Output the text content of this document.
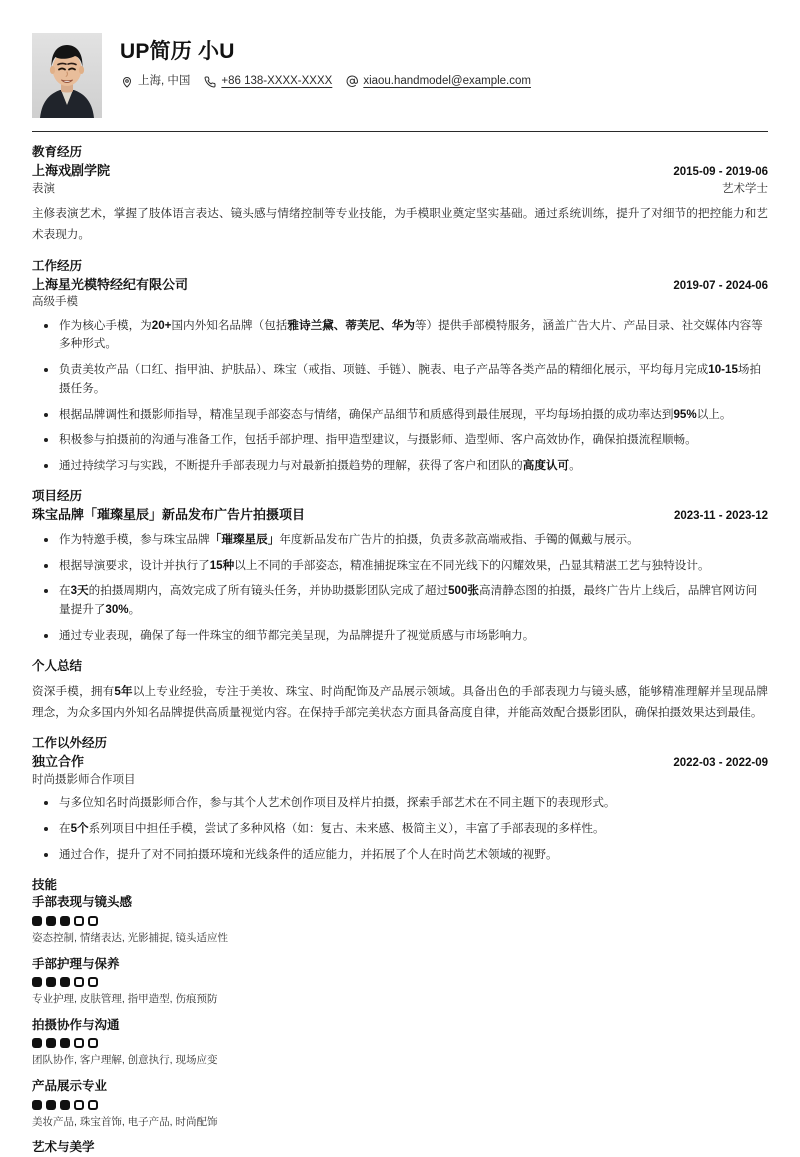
UP简历 小U
上海, 中国	+86 138-XXXX-XXXX	xiaou.handmodel@example.com
教育经历
上海戏剧学院	2015-09 - 2019-06
表演	艺术学士

主修表演艺术，掌握了肢体语言表达、镜头感与情绪控制等专业技能，为手模职业奠定坚实基础。通过系统训练，提升了对细节的把控能力和艺术表现力。

工作经历
上海星光模特经纪有限公司	2019-07 - 2024-06
高级手模
作为核心手模，为20+国内外知名品牌（包括雅诗兰黛、蒂芙尼、华为等）提供手部模特服务，涵盖广告大片、产品目录、社交媒体内容等多种形式。
负责美妆产品（口红、指甲油、护肤品）、珠宝（戒指、项链、手链）、腕表、电子产品等各类产品的精细化展示，平均每月完成10-15场拍摄任务。
根据品牌调性和摄影师指导，精准呈现手部姿态与情绪，确保产品细节和质感得到最佳展现，平均每场拍摄的成功率达到95%以上。
积极参与拍摄前的沟通与准备工作，包括手部护理、指甲造型建议，与摄影师、造型师、客户高效协作，确保拍摄流程顺畅。
通过持续学习与实践，不断提升手部表现力与对最新拍摄趋势的理解，获得了客户和团队的高度认可。
项目经历
珠宝品牌「璀璨星辰」新品发布广告片拍摄项目	2023-11 - 2023-12
作为特邀手模，参与珠宝品牌「璀璨星辰」年度新品发布广告片的拍摄，负责多款高端戒指、手镯的佩戴与展示。
根据导演要求，设计并执行了15种以上不同的手部姿态，精准捕捉珠宝在不同光线下的闪耀效果，凸显其精湛工艺与独特设计。
在3天的拍摄周期内，高效完成了所有镜头任务，并协助摄影团队完成了超过500张高清静态图的拍摄，最终广告片上线后，品牌官网访问量提升了30%。
通过专业表现，确保了每一件珠宝的细节都完美呈现，为品牌提升了视觉质感与市场影响力。
个人总结

资深手模，拥有5年以上专业经验，专注于美妆、珠宝、时尚配饰及产品展示领域。具备出色的手部表现力与镜头感，能够精准理解并呈现品牌理念，为众多国内外知名品牌提供高质量视觉内容。在保持手部完美状态方面具备高度自律，并能高效配合摄影团队，确保拍摄效果达到最佳。

工作以外经历
独立合作	2022-03 - 2022-09
时尚摄影师合作项目
与多位知名时尚摄影师合作，参与其个人艺术创作项目及样片拍摄，探索手部艺术在不同主题下的表现形式。
在5个系列项目中担任手模，尝试了多种风格（如：复古、未来感、极简主义），丰富了手部表现的多样性。
通过合作，提升了对不同拍摄环境和光线条件的适应能力，并拓展了个人在时尚艺术领域的视野。
技能
手部表现与镜头感
姿态控制, 情绪表达, 光影捕捉, 镜头适应性
手部护理与保养
专业护理, 皮肤管理, 指甲造型, 伤痕预防
拍摄协作与沟通
团队协作, 客户理解, 创意执行, 现场应变
产品展示专业
美妆产品, 珠宝首饰, 电子产品, 时尚配饰
艺术与美学
